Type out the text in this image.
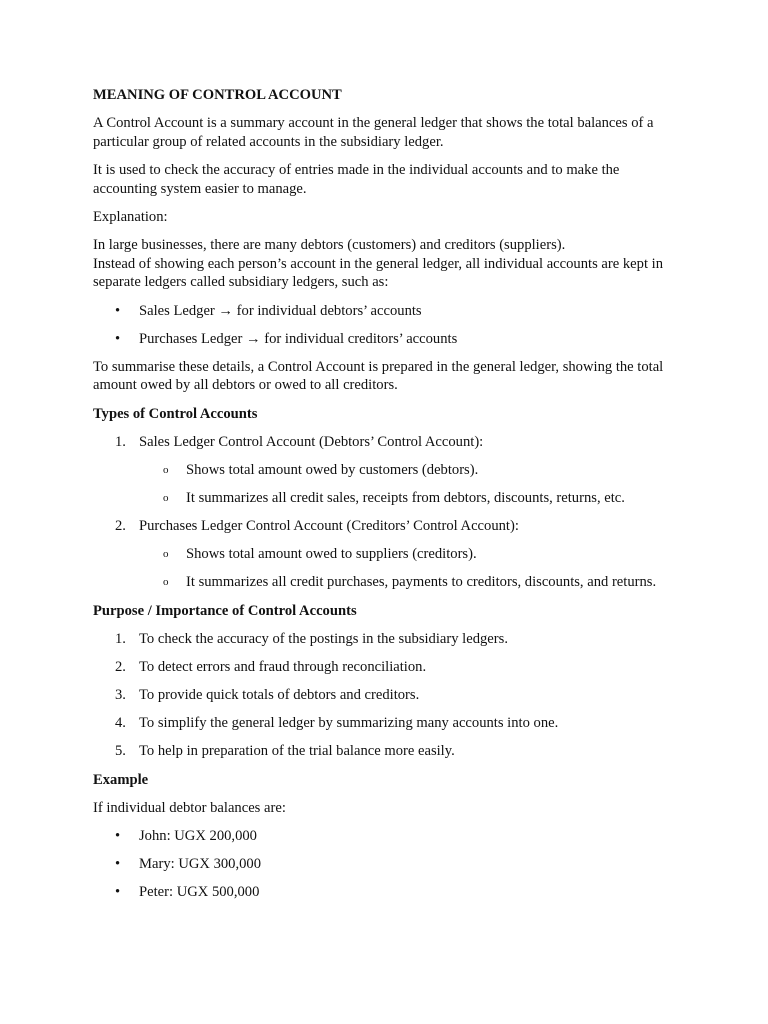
MEANING OF CONTROL ACCOUNT

A Control Account is a summary account in the general ledger that shows the total balances of a particular group of related accounts in the subsidiary ledger.

It is used to check the accuracy of entries made in the individual accounts and to make the accounting system easier to manage.

Explanation:

In large businesses, there are many debtors (customers) and creditors (suppliers).
Instead of showing each person’s account in the general ledger, all individual accounts are kept in separate ledgers called subsidiary ledgers, such as:

• Sales Ledger → for individual debtors’ accounts
• Purchases Ledger → for individual creditors’ accounts

To summarise these details, a Control Account is prepared in the general ledger, showing the total amount owed by all debtors or owed to all creditors.

Types of Control Accounts
1. Sales Ledger Control Account (Debtors’ Control Account):
o Shows total amount owed by customers (debtors).
o It summarizes all credit sales, receipts from debtors, discounts, returns, etc.
2. Purchases Ledger Control Account (Creditors’ Control Account):
o Shows total amount owed to suppliers (creditors).
o It summarizes all credit purchases, payments to creditors, discounts, and returns.
Purpose / Importance of Control Accounts
1. To check the accuracy of the postings in the subsidiary ledgers.
2. To detect errors and fraud through reconciliation.
3. To provide quick totals of debtors and creditors.
4. To simplify the general ledger by summarizing many accounts into one.
5. To help in preparation of the trial balance more easily.
Example

If individual debtor balances are:

• John: UGX 200,000
• Mary: UGX 300,000
• Peter: UGX 500,000
